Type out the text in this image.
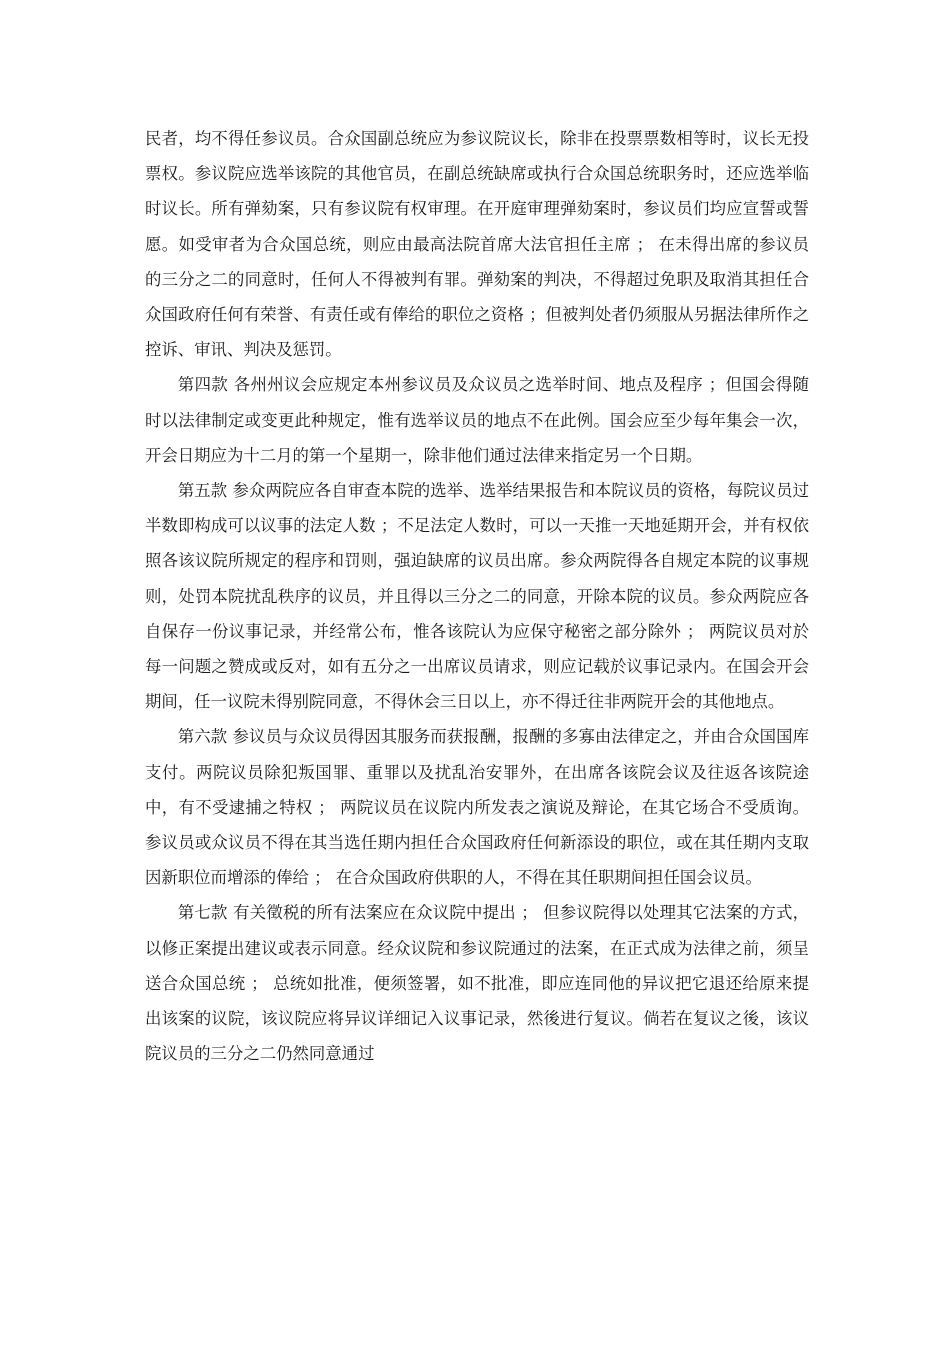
民者，均不得任参议员。合众国副总统应为参议院议长，除非在投票票数相等时，议长无投票权。参议院应选举该院的其他官员，在副总统缺席或执行合众国总统职务时，还应选举临时议长。所有弹劾案，只有参议院有权审理。在开庭审理弹劾案时，参议员们均应宣誓或誓愿。如受审者为合众国总统，则应由最高法院首席大法官担任主席 ； 在未得出席的参议员的三分之二的同意时，任何人不得被判有罪。弹劾案的判决，不得超过免职及取消其担任合众国政府任何有荣誉、有责任或有俸给的职位之资格 ；但被判处者仍须服从另据法律所作之控诉、审讯、判决及惩罚。

第四款 各州州议会应规定本州参议员及众议员之选举时间、地点及程序 ；但国会得随时以法律制定或变更此种规定，惟有选举议员的地点不在此例。国会应至少每年集会一次，开会日期应为十二月的第一个星期一，除非他们通过法律来指定另一个日期。

第五款 参众两院应各自审查本院的选举、选举结果报告和本院议员的资格，每院议员过半数即构成可以议事的法定人数 ；不足法定人数时，可以一天推一天地延期开会，并有权依照各该议院所规定的程序和罚则，强迫缺席的议员出席。参众两院得各自规定本院的议事规则，处罚本院扰乱秩序的议员，并且得以三分之二的同意，开除本院的议员。参众两院应各自保存一份议事记录，并经常公布，惟各该院认为应保守秘密之部分除外 ； 两院议员对於每一问题之赞成或反对，如有五分之一出席议员请求，则应记载於议事记录内。在国会开会期间，任一议院未得别院同意，不得休会三日以上，亦不得迁往非两院开会的其他地点。

第六款 参议员与众议员得因其服务而获报酬，报酬的多寡由法律定之，并由合众国国库支付。两院议员除犯叛国罪、重罪以及扰乱治安罪外，在出席各该院会议及往返各该院途中，有不受逮捕之特权 ； 两院议员在议院内所发表之演说及辩论，在其它场合不受质询。参议员或众议员不得在其当选任期内担任合众国政府任何新添设的职位，或在其任期内支取因新职位而增添的俸给 ； 在合众国政府供职的人，不得在其任职期间担任国会议员。

第七款 有关徵税的所有法案应在众议院中提出 ； 但参议院得以处理其它法案的方式，以修正案提出建议或表示同意。经众议院和参议院通过的法案，在正式成为法律之前，须呈送合众国总统 ； 总统如批准，便须签署，如不批准，即应连同他的异议把它退还给原来提出该案的议院，该议院应将异议详细记入议事记录，然後进行复议。倘若在复议之後，该议院议员的三分之二仍然同意通过
